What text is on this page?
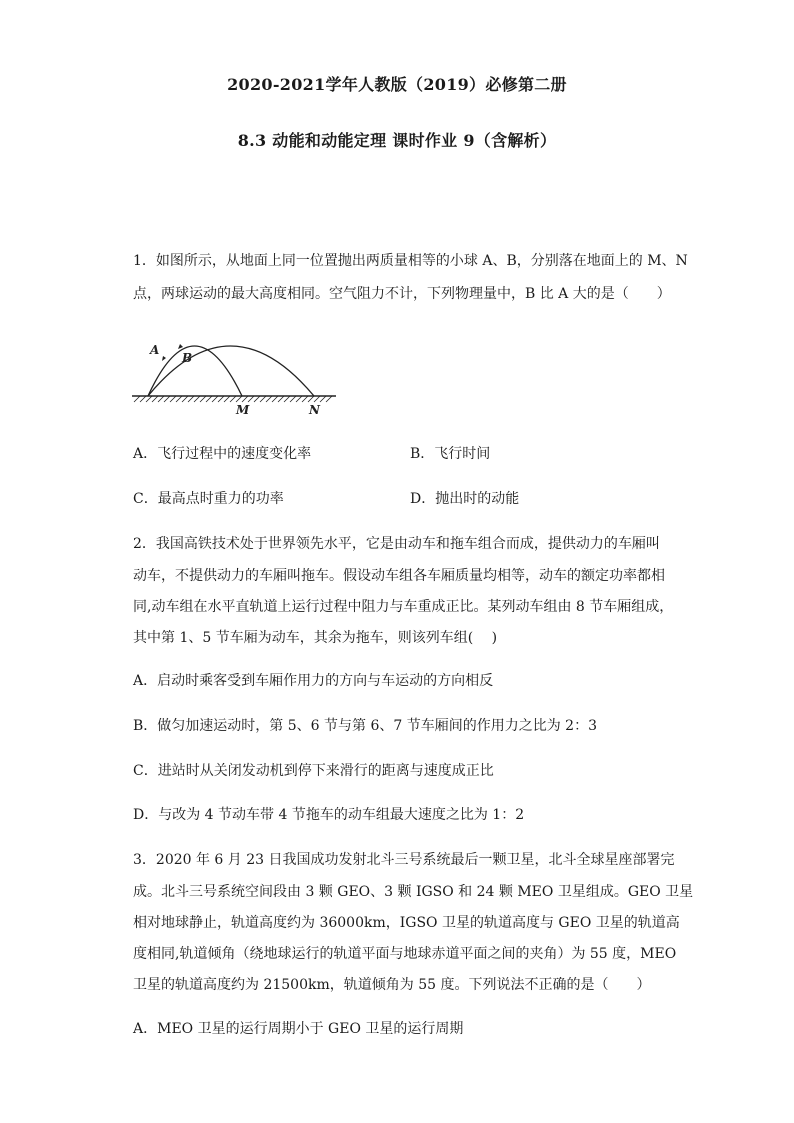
2020-2021学年人教版（2019）必修第二册
8.3 动能和动能定理 课时作业 9（含解析）
1．如图所示，从地面上同一位置抛出两质量相等的小球 A、B，分别落在地面上的 M、N
点，两球运动的最大高度相同。空气阻力不计，下列物理量中，B 比 A 大的是（　　）
A
B
M	N
A．飞行过程中的速度变化率	B．飞行时间
C．最高点时重力的功率	D．抛出时的动能
2．我国高铁技术处于世界领先水平，它是由动车和拖车组合而成，提供动力的车厢叫
动车，不提供动力的车厢叫拖车。假设动车组各车厢质量均相等，动车的额定功率都相
同,动车组在水平直轨道上运行过程中阻力与车重成正比。某列动车组由 8 节车厢组成，
其中第 1、5 节车厢为动车，其余为拖车，则该列车组(　 )
A．启动时乘客受到车厢作用力的方向与车运动的方向相反
B．做匀加速运动时，第 5、6 节与第 6、7 节车厢间的作用力之比为 2：3
C．进站时从关闭发动机到停下来滑行的距离与速度成正比
D．与改为 4 节动车带 4 节拖车的动车组最大速度之比为 1：2
3．2020 年 6 月 23 日我国成功发射北斗三号系统最后一颗卫星，北斗全球星座部署完
成。北斗三号系统空间段由 3 颗 GEO、3 颗 IGSO 和 24 颗 MEO 卫星组成。GEO 卫星
相对地球静止，轨道高度约为 36000km，IGSO 卫星的轨道高度与 GEO 卫星的轨道高
度相同,轨道倾角（绕地球运行的轨道平面与地球赤道平面之间的夹角）为 55 度，MEO
卫星的轨道高度约为 21500km，轨道倾角为 55 度。下列说法不正确的是（　　）
A．MEO 卫星的运行周期小于 GEO 卫星的运行周期
